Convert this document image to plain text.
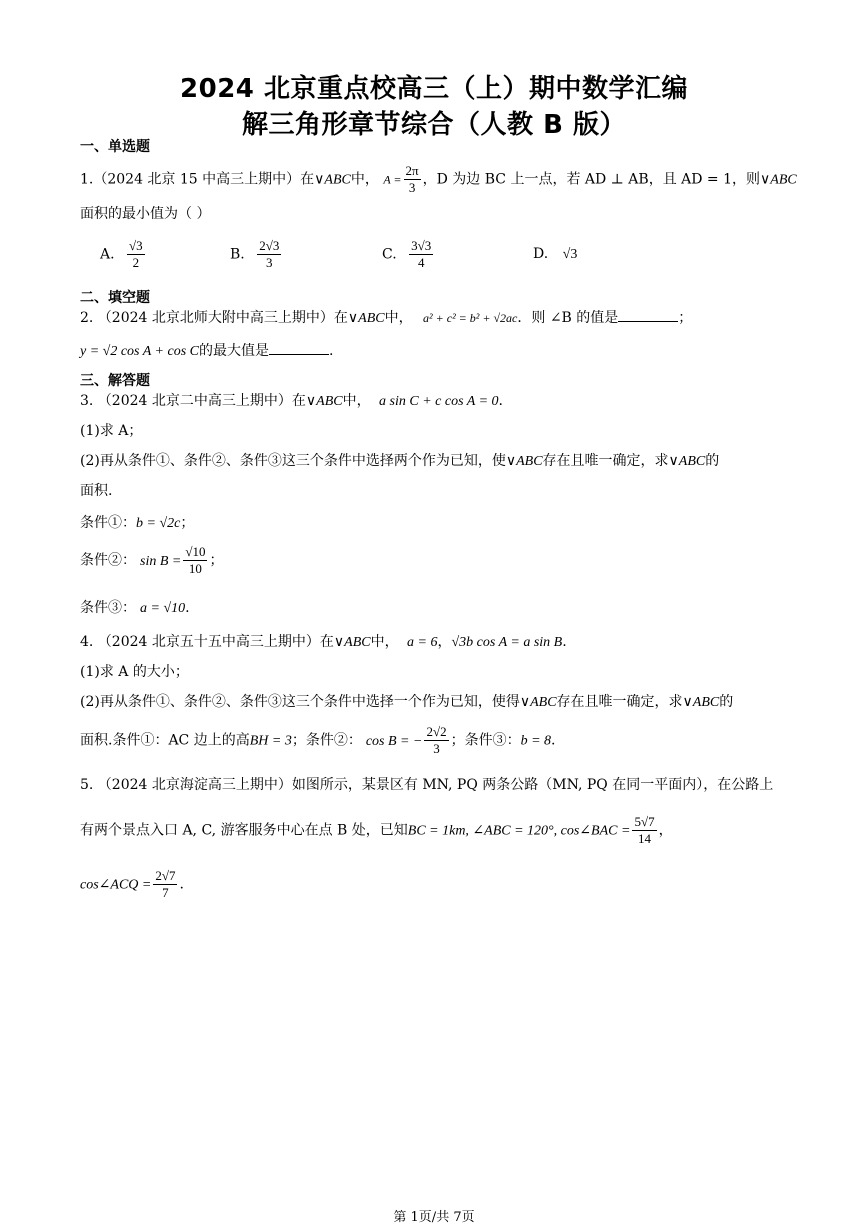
2024 北京重点校高三（上）期中数学汇编
解三角形章节综合（人教 B 版）
一、单选题
1.（2024 北京 15 中高三上期中）在∨ABC中， $A = \frac{2\pi}{3}$ ，D 为边 BC 上一点，若 AD ⊥ AB，且 AD = 1，则∨ABC
面积的最小值为（ ）
A. $\frac{√3}{2}$	B. $\frac{2√3}{3}$	C. $\frac{3√3}{4}$	D. √3
二、填空题
2. （2024 北京北师大附中高三上期中）在∨ABC中， a² + c² = b² + √2ac．则 ∠B 的值是	；
y = √2 cos A + cos C的最大值是	.
三、解答题
3. （2024 北京二中高三上期中）在∨ABC中， a sin C + c cos A = 0.
(1)求 A；
(2)再从条件①、条件②、条件③这三个条件中选择两个作为已知，使∨ABC存在且唯一确定，求∨ABC的
面积.
条件①：b = √2c；
条件②： $\sin B = \frac{√10}{10}$ ；
条件③： a = √10.
4. （2024 北京五十五中高三上期中）在∨ABC中， a = 6，√3b cos A = a sin B.
(1)求 A 的大小；
(2)再从条件①、条件②、条件③这三个条件中选择一个作为已知，使得∨ABC存在且唯一确定，求∨ABC的
面积.条件①：AC 边上的高BH = 3；条件②： cos B = − $\frac{2√2}{3}$ ；条件③：b = 8.
5. （2024 北京海淀高三上期中）如图所示，某景区有 MN, PQ 两条公路（MN, PQ 在同一平面内），在公路上
有两个景点入口 A, C, 游客服务中心在点 B 处，已知BC = 1km, ∠ABC = 120°, cos∠BAC = $\frac{5√7}{14}$ ，
cos∠ACQ = $\frac{2√7}{7}$ .
第 1页/共 7页
